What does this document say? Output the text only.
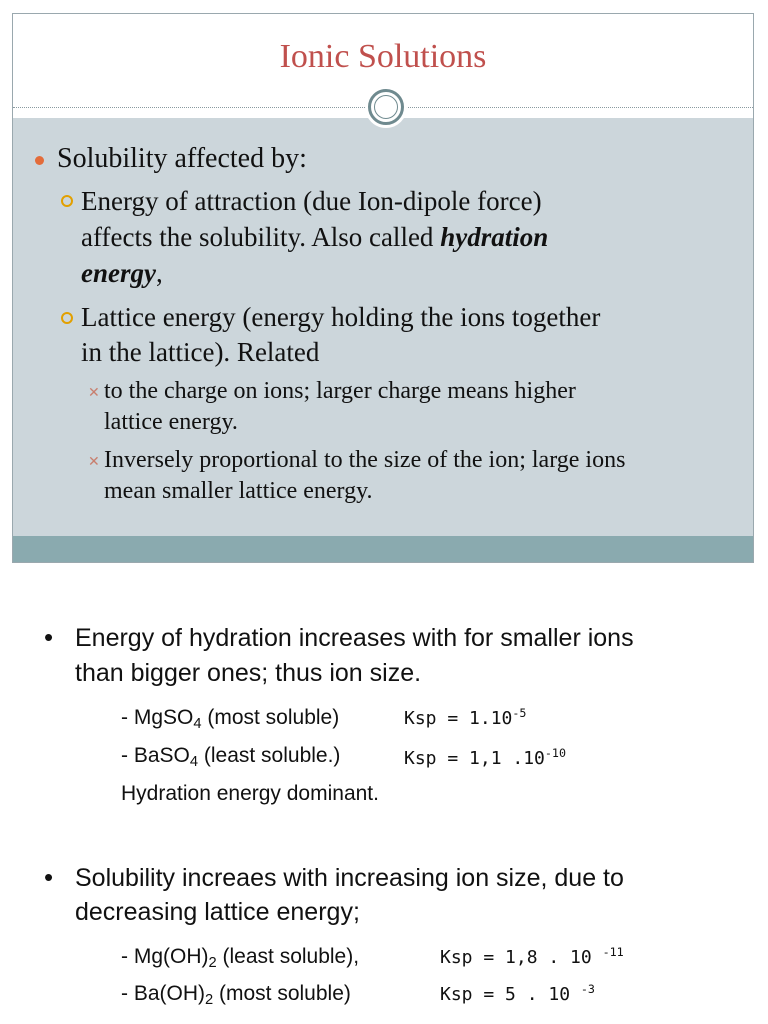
Ionic Solutions
Solubility affected by:
Energy of attraction (due Ion-dipole force)
affects the solubility. Also called hydration
energy,
Lattice energy (energy holding the ions together
in the lattice). Related
✕ to the charge on ions; larger charge means higher
lattice energy.
✕ Inversely proportional to the size of the ion; large ions
mean smaller lattice energy.
• Energy of hydration increases with for smaller ions
than bigger ones; thus ion size.
- MgSO$_4$ (most soluble)	Ksp = $1.10^{-5}$
- BaSO$_4$ (least soluble.)	Ksp = 1,1 $.10^{-10}$
Hydration energy dominant.
• Solubility increaes with increasing ion size, due to
decreasing lattice energy;
- $Mg(OH)_2$ (least soluble),	Ksp = 1,8 . 10 $^{-11}$
- $Ba(OH)_2$ (most soluble)	Ksp = 5 . 10 $^{-3}$
